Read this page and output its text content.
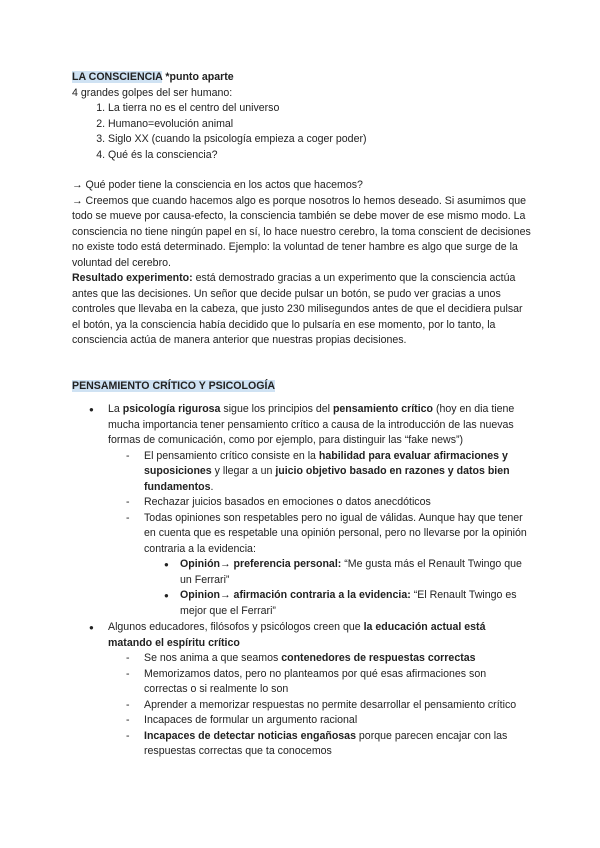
LA CONSCIENCIA *punto aparte

4 grandes golpes del ser humano:

1. La tierra no es el centro del universo
2. Humano=evolución animal
3. Siglo XX (cuando la psicología empieza a coger poder)
4. Qué és la consciencia?

→ Qué poder tiene la consciencia en los actos que hacemos?

→ Creemos que cuando hacemos algo es porque nosotros lo hemos deseado. Si asumimos que todo se mueve por causa-efecto, la consciencia también se debe mover de ese mismo modo. La consciencia no tiene ningún papel en sí, lo hace nuestro cerebro, la toma conscient de decisiones no existe todo está determinado. Ejemplo: la voluntad de tener hambre es algo que surge de la voluntad del cerebro.

Resultado experimento: está demostrado gracias a un experimento que la consciencia actúa antes que las decisiones. Un señor que decide pulsar un botón, se pudo ver gracias a unos controles que llevaba en la cabeza, que justo 230 milisegundos antes de que el decidiera pulsar el botón, ya la consciencia había decidido que lo pulsaría en ese momento, por lo tanto, la consciencia actúa de manera anterior que nuestras propias decisiones.

PENSAMIENTO CRÍTICO Y PSICOLOGÍA

● La psicología rigurosa sigue los principios del pensamiento crítico (hoy en dia tiene mucha importancia tener pensamiento crítico a causa de la introducción de las nuevas formas de comunicación, como por ejemplo, para distinguir las “fake news”)
- El pensamiento crítico consiste en la habilidad para evaluar afirmaciones y suposiciones y llegar a un juicio objetivo basado en razones y datos bien fundamentos.
- Rechazar juicios basados en emociones o datos anecdóticos
- Todas opiniones son respetables pero no igual de válidas. Aunque hay que tener en cuenta que es respetable una opinión personal, pero no llevarse por la opinión contraria a la evidencia:
● Opinión→ preferencia personal: “Me gusta más el Renault Twingo que un Ferrari”
● Opinion→ afirmación contraria a la evidencia: “El Renault Twingo es mejor que el Ferrari”
● Algunos educadores, filósofos y psicólogos creen que la educación actual está matando el espíritu crítico
- Se nos anima a que seamos contenedores de respuestas correctas
- Memorizamos datos, pero no planteamos por qué esas afirmaciones son correctas o si realmente lo son
- Aprender a memorizar respuestas no permite desarrollar el pensamiento crítico
- Incapaces de formular un argumento racional
- Incapaces de detectar noticias engañosas porque parecen encajar con las respuestas correctas que ta conocemos
